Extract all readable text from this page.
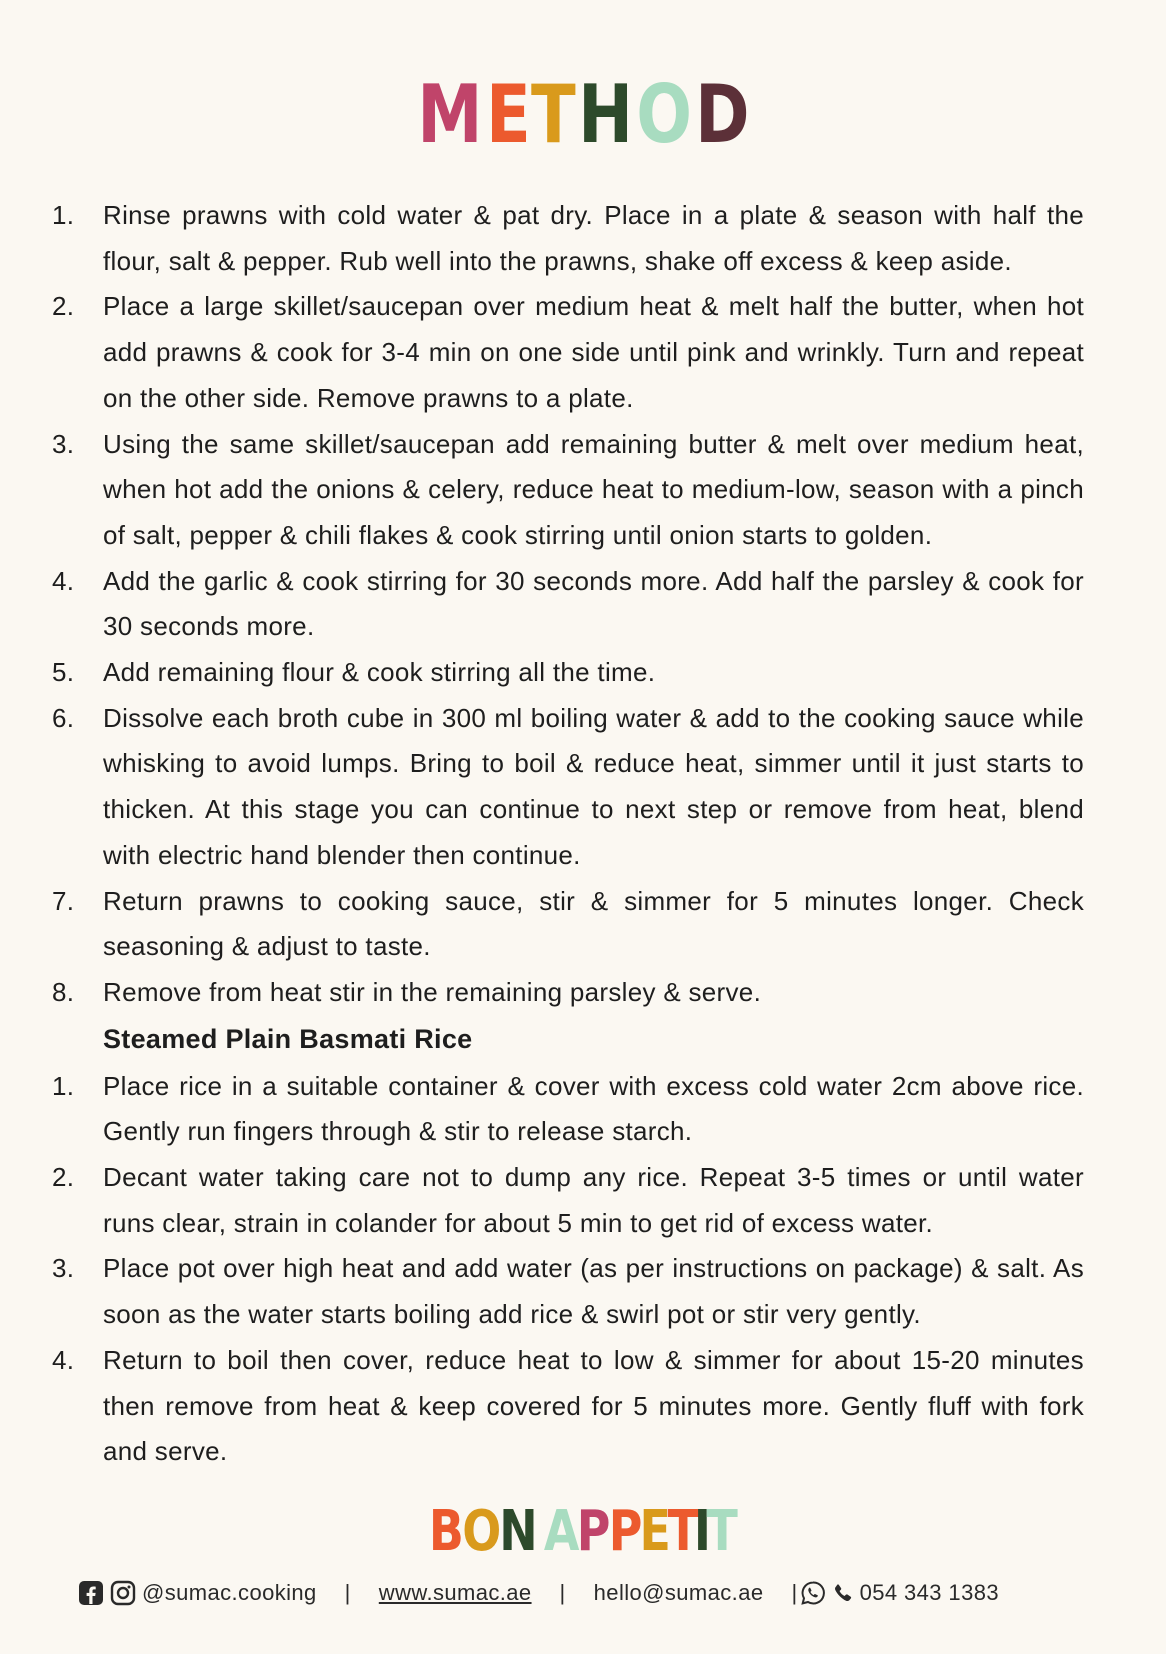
METHOD
1.	Rinse prawns with cold water & pat dry. Place in a plate & season with half the flour, salt & pepper. Rub well into the prawns, shake off excess & keep aside.
2.	Place a large skillet/saucepan over medium heat & melt half the butter, when hot add prawns & cook for 3-4 min on one side until pink and wrinkly. Turn and repeat on the other side. Remove prawns to a plate.
3.	Using the same skillet/saucepan add remaining butter & melt over medium heat, when hot add the onions & celery, reduce heat to medium-low, season with a pinch of salt, pepper & chili flakes & cook stirring until onion starts to golden.
4.	Add the garlic & cook stirring for 30 seconds more. Add half the parsley & cook for 30 seconds more.
5.	Add remaining flour & cook stirring all the time.
6.	Dissolve each broth cube in 300 ml boiling water & add to the cooking sauce while whisking to avoid lumps. Bring to boil & reduce heat, simmer until it just starts to thicken. At this stage you can continue to next step or remove from heat, blend with electric hand blender then continue.
7.	Return prawns to cooking sauce, stir & simmer for 5 minutes longer. Check seasoning & adjust to taste.
8.	Remove from heat stir in the remaining parsley & serve.
Steamed Plain Basmati Rice
1.	Place rice in a suitable container & cover with excess cold water 2cm above rice. Gently run fingers through & stir to release starch.
2.	Decant water taking care not to dump any rice. Repeat 3-5 times or until water runs clear, strain in colander for about 5 min to get rid of excess water.
3.	Place pot over high heat and add water (as per instructions on package) & salt. As soon as the water starts boiling add rice & swirl pot or stir very gently.
4.	Return to boil then cover, reduce heat to low & simmer for about 15-20 minutes then remove from heat & keep covered for 5 minutes more. Gently fluff with fork and serve.
BON APPETIT
@sumac.cooking | www.sumac.ae | hello@sumac.ae |	054 343 1383
